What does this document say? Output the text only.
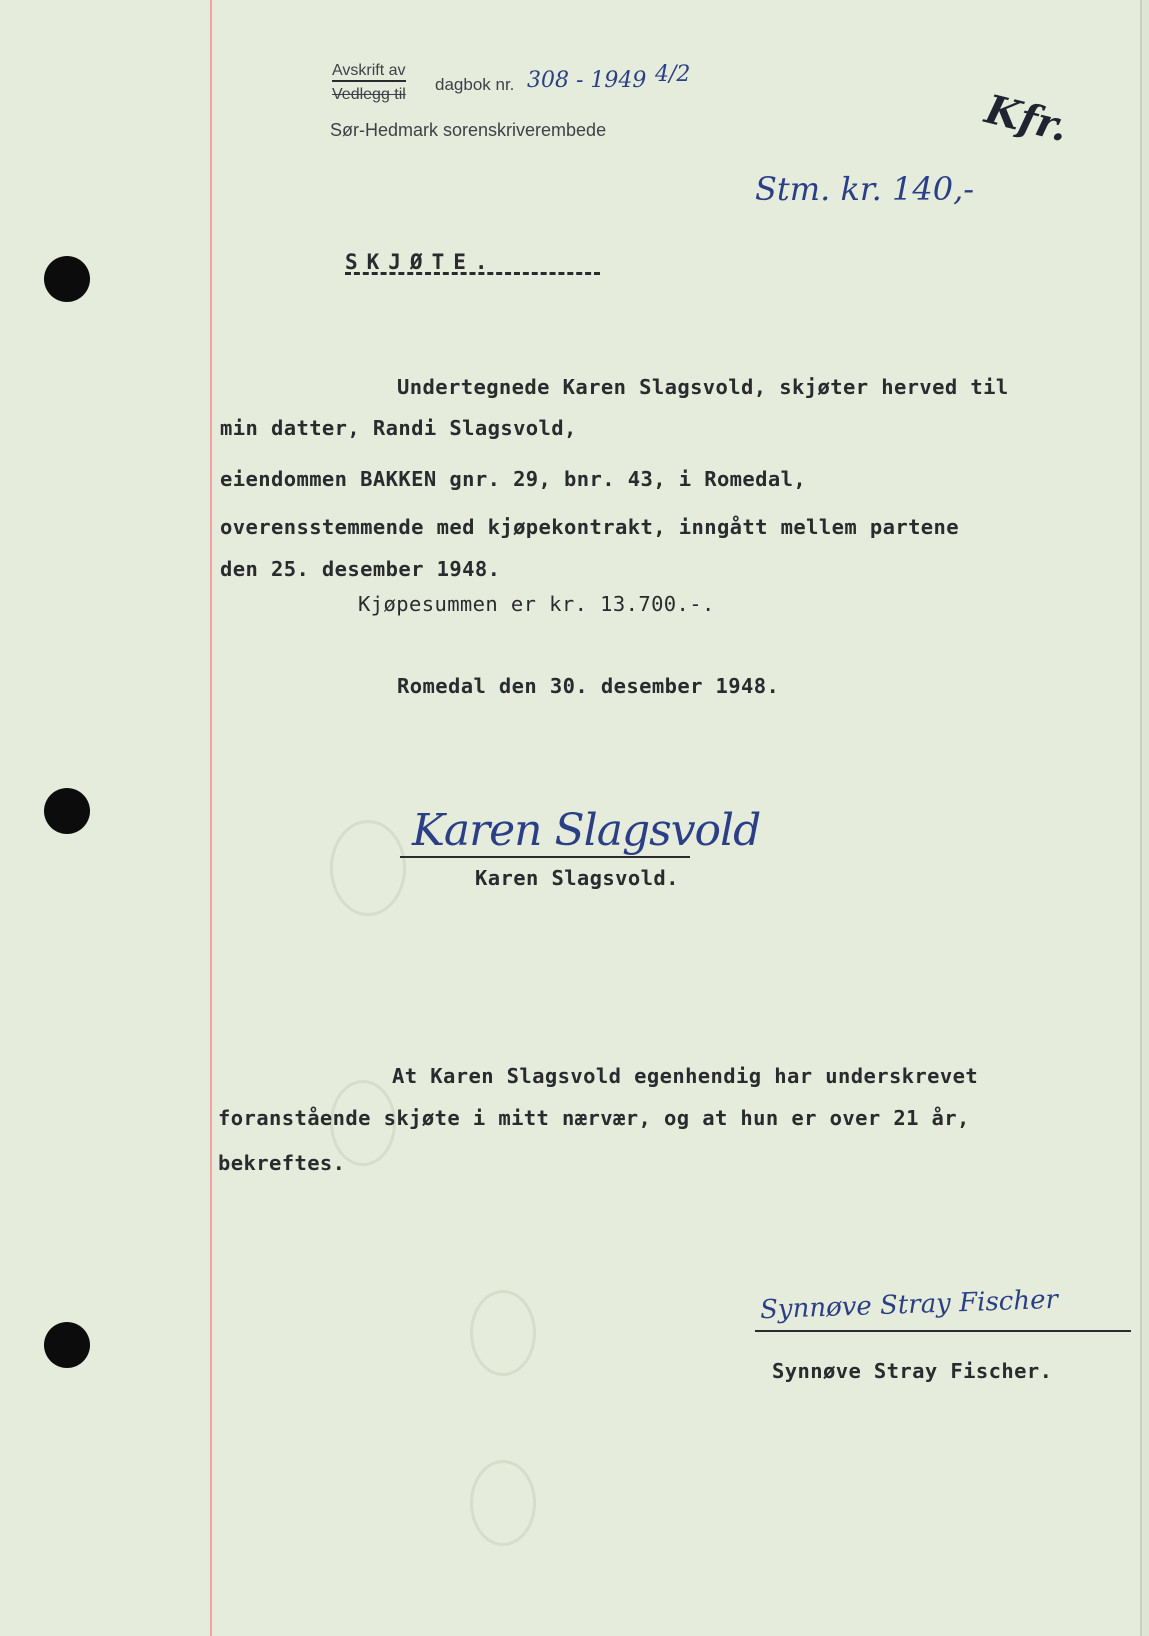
Avskrift av
Vedlegg til
dagbok nr. 308 - 1949 4/2
Sør-Hedmark sorenskriverembede	Kfr.
Stm. kr. 140,-
SKJØTE.
Undertegnede Karen Slagsvold, skjøter herved til
min datter, Randi Slagsvold,
eiendommen BAKKEN gnr. 29, bnr. 43, i Romedal,
overensstemmende med kjøpekontrakt, inngått mellem partene
den 25. desember 1948.
Kjøpesummen er kr. 13.700.-.
Romedal den 30. desember 1948.
Karen Slagsvold
Karen Slagsvold.
At Karen Slagsvold egenhendig har underskrevet
foranstående skjøte i mitt nærvær, og at hun er over 21 år,
bekreftes.
Synnøve Stray Fischer
Synnøve Stray Fischer.
